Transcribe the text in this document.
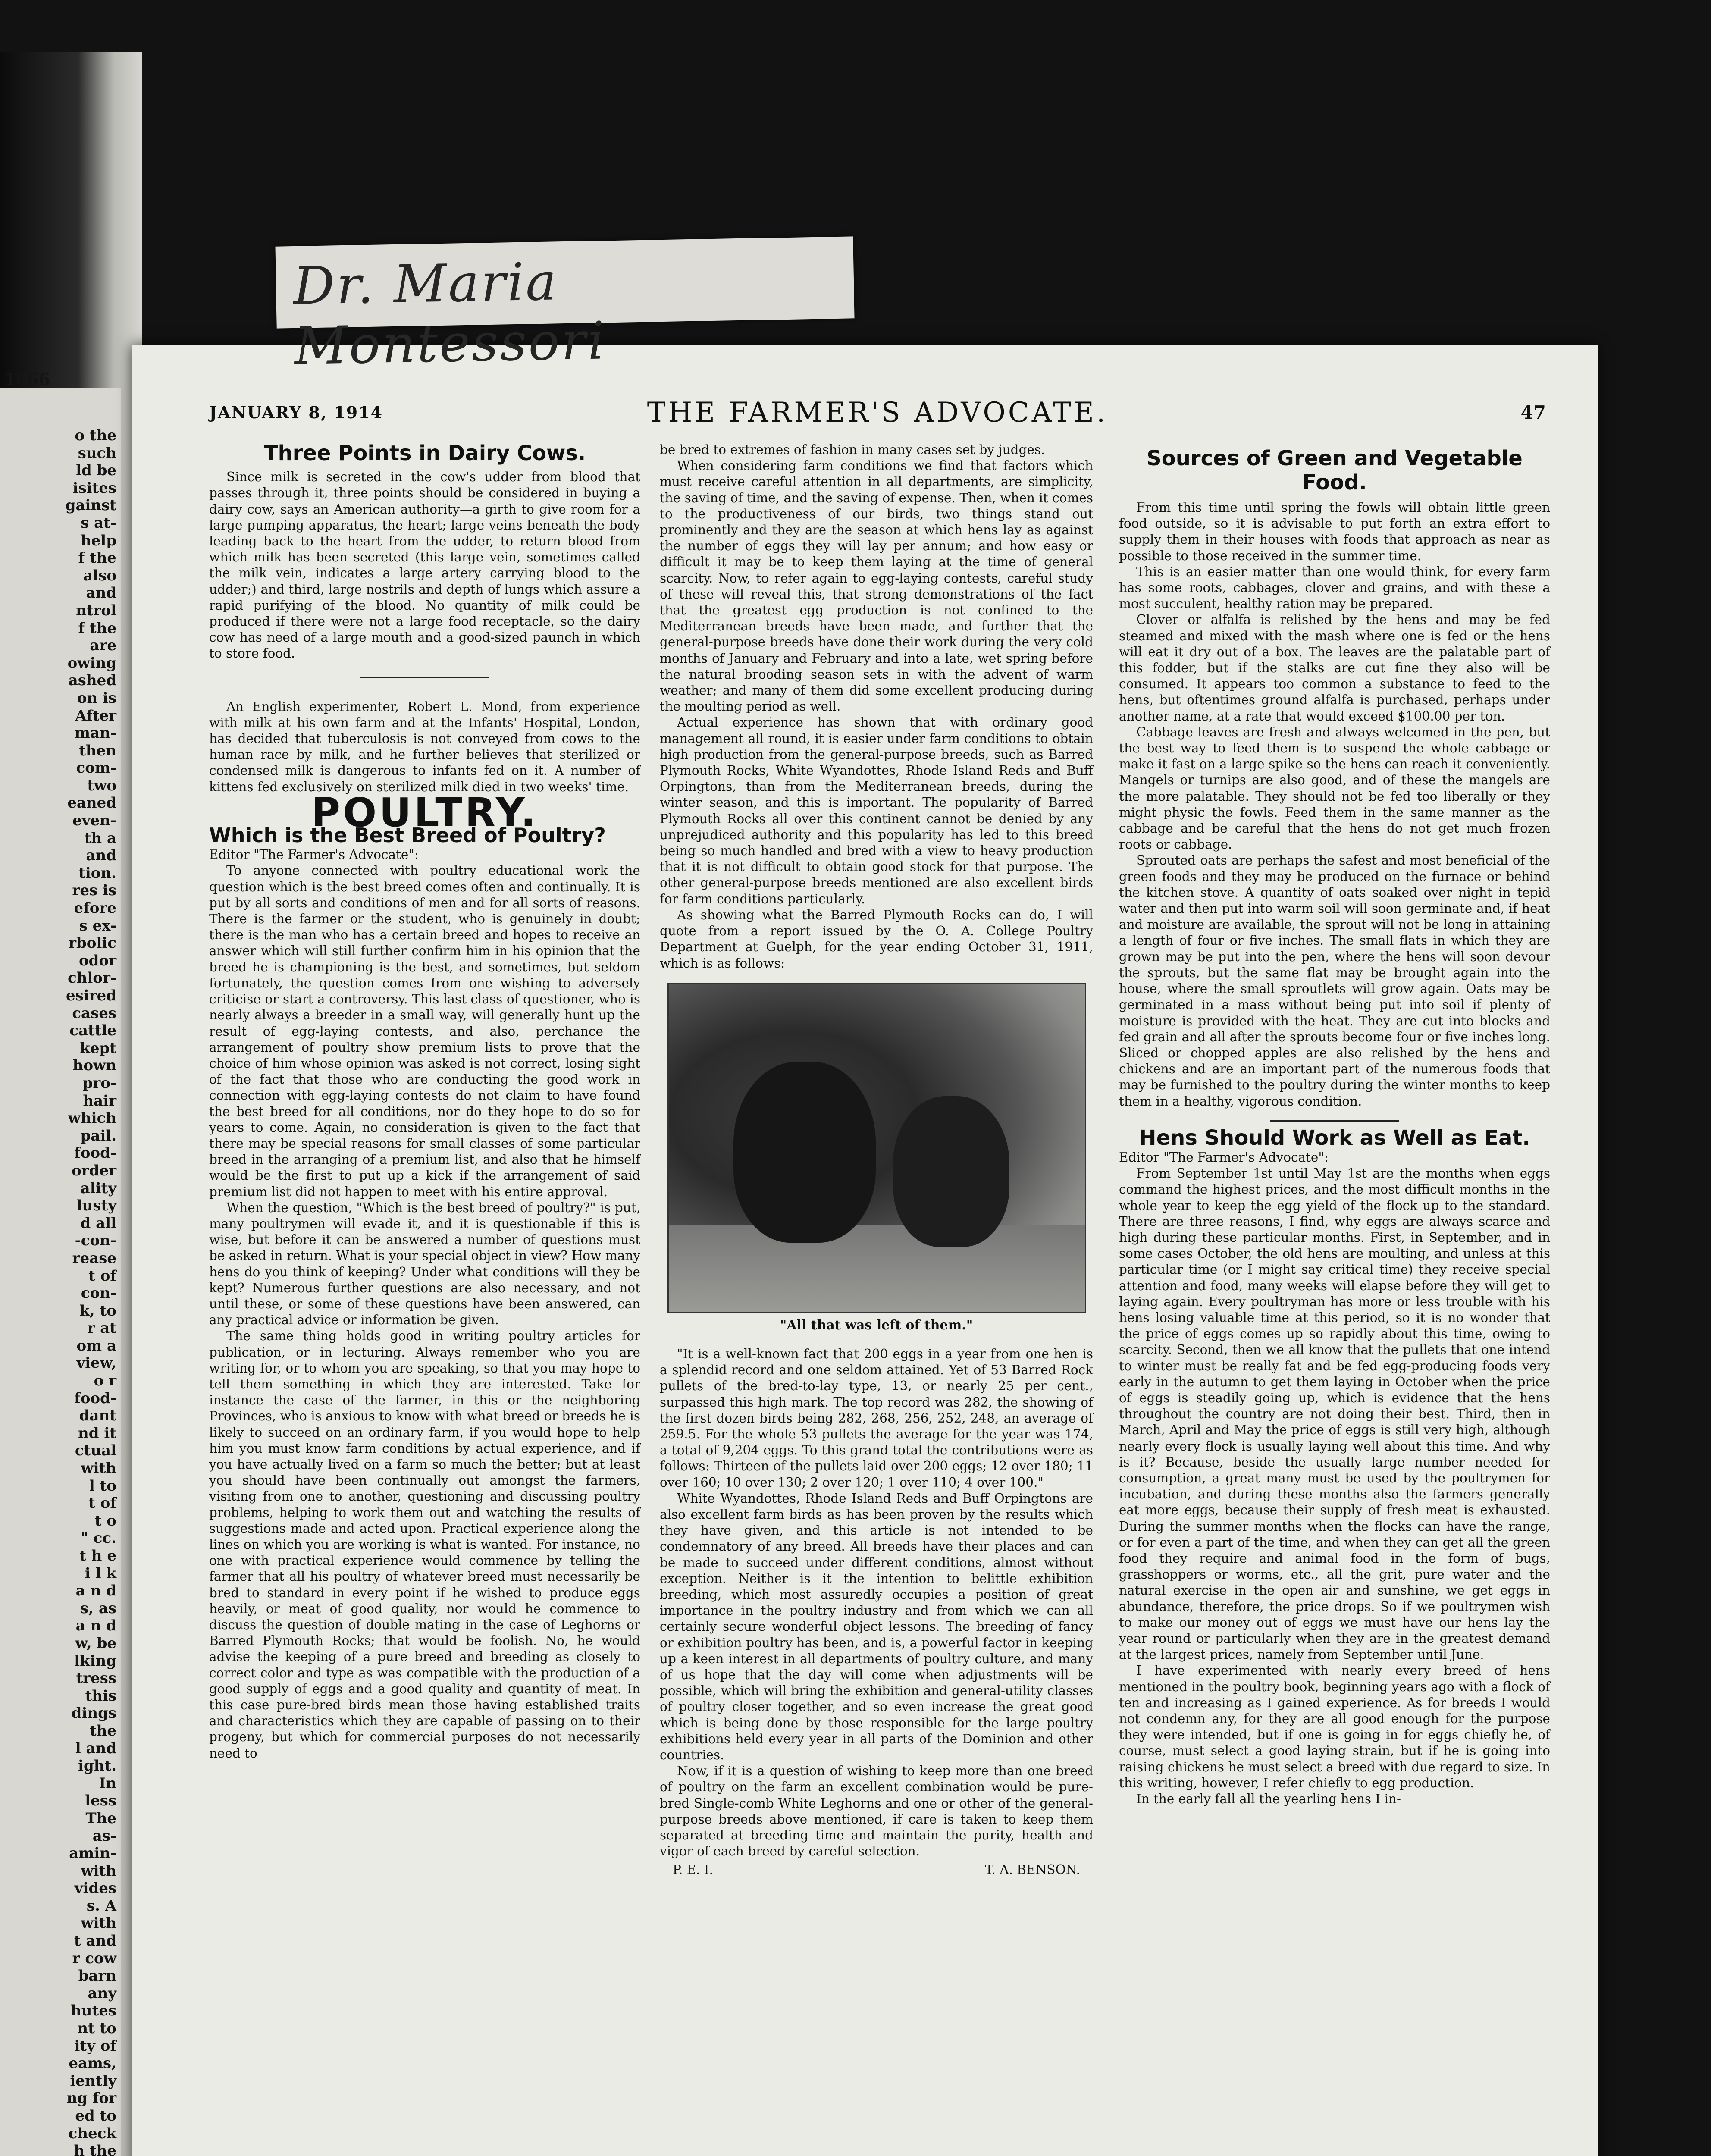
1866
o the
such
ld be
isites
gainst
s at-
help
f the
also
and
ntrol
f the
are
owing
ashed
on is
After
man-
then
com-
two
eaned
even-
th a
and
tion.
res is
efore
s ex-
rbolic
odor
chlor-
esired
cases
cattle
kept
hown
pro-
hair
which
pail.
food-
order
ality
lusty
d all
-con-
rease
t of
con-
k, to
r at
om a
view,
o r
food-
dant
nd it
ctual
with
l to
t of
t o
" cc.
t h e
i l k
a n d
s, as
a n d
w, be
lking
tress
this
dings
the
l and
ight.
In
less
The
as-
amin-
with
vides
s. A
with
t and
r cow
barn
any
hutes
nt to
ity of
eams,
iently
ng for
ed to
check
h the
JANUARY 8, 1914	THE FARMER'S ADVOCATE.	47
Three Points in Dairy Cows.

Since milk is secreted in the cow's udder from blood that passes through it, three points should be considered in buying a dairy cow, says an American authority—a girth to give room for a large pumping apparatus, the heart; large veins beneath the body leading back to the heart from the udder, to return blood from which milk has been secreted (this large vein, sometimes called the milk vein, indicates a large artery carrying blood to the udder;) and third, large nostrils and depth of lungs which assure a rapid purifying of the blood. No quantity of milk could be produced if there were not a large food receptacle, so the dairy cow has need of a large mouth and a good-sized paunch in which to store food.

An English experimenter, Robert L. Mond, from experience with milk at his own farm and at the Infants' Hospital, London, has decided that tuberculosis is not conveyed from cows to the human race by milk, and he further believes that sterilized or condensed milk is dangerous to infants fed on it. A number of kittens fed exclusively on sterilized milk died in two weeks' time.

POULTRY.
Which is the Best Breed of Poultry?

Editor "The Farmer's Advocate":

To anyone connected with poultry educational work the question which is the best breed comes often and continually. It is put by all sorts and conditions of men and for all sorts of reasons. There is the farmer or the student, who is genuinely in doubt; there is the man who has a certain breed and hopes to receive an answer which will still further confirm him in his opinion that the breed he is championing is the best, and sometimes, but seldom fortunately, the question comes from one wishing to adversely criticise or start a controversy. This last class of questioner, who is nearly always a breeder in a small way, will generally hunt up the result of egg-laying contests, and also, perchance the arrangement of poultry show premium lists to prove that the choice of him whose opinion was asked is not correct, losing sight of the fact that those who are conducting the good work in connection with egg-laying contests do not claim to have found the best breed for all conditions, nor do they hope to do so for years to come. Again, no consideration is given to the fact that there may be special reasons for small classes of some particular breed in the arranging of a premium list, and also that he himself would be the first to put up a kick if the arrangement of said premium list did not happen to meet with his entire approval.

When the question, "Which is the best breed of poultry?" is put, many poultrymen will evade it, and it is questionable if this is wise, but before it can be answered a number of questions must be asked in return. What is your special object in view? How many hens do you think of keeping? Under what conditions will they be kept? Numerous further questions are also necessary, and not until these, or some of these questions have been answered, can any practical advice or information be given.

The same thing holds good in writing poultry articles for publication, or in lecturing. Always remember who you are writing for, or to whom you are speaking, so that you may hope to tell them something in which they are interested. Take for instance the case of the farmer, in this or the neighboring Provinces, who is anxious to know with what breed or breeds he is likely to succeed on an ordinary farm, if you would hope to help him you must know farm conditions by actual experience, and if you have actually lived on a farm so much the better; but at least you should have been continually out amongst the farmers, visiting from one to another, questioning and discussing poultry problems, helping to work them out and watching the results of suggestions made and acted upon. Practical experience along the lines on which you are working is what is wanted. For instance, no one with practical experience would commence by telling the farmer that all his poultry of whatever breed must necessarily be bred to standard in every point if he wished to produce eggs heavily, or meat of good quality, nor would he commence to discuss the question of double mating in the case of Leghorns or Barred Plymouth Rocks; that would be foolish. No, he would advise the keeping of a pure breed and breeding as closely to correct color and type as was compatible with the production of a good supply of eggs and a good quality and quantity of meat. In this case pure-bred birds mean those having established traits and characteristics which they are capable of passing on to their progeny, but which for commercial purposes do not necessarily need to

be bred to extremes of fashion in many cases set by judges.

When considering farm conditions we find that factors which must receive careful attention in all departments, are simplicity, the saving of time, and the saving of expense. Then, when it comes to the productiveness of our birds, two things stand out prominently and they are the season at which hens lay as against the number of eggs they will lay per annum; and how easy or difficult it may be to keep them laying at the time of general scarcity. Now, to refer again to egg-laying contests, careful study of these will reveal this, that strong demonstrations of the fact that the greatest egg production is not confined to the Mediterranean breeds have been made, and further that the general-purpose breeds have done their work during the very cold months of January and February and into a late, wet spring before the natural brooding season sets in with the advent of warm weather; and many of them did some excellent producing during the moulting period as well.

Actual experience has shown that with ordinary good management all round, it is easier under farm conditions to obtain high production from the general-purpose breeds, such as Barred Plymouth Rocks, White Wyandottes, Rhode Island Reds and Buff Orpingtons, than from the Mediterranean breeds, during the winter season, and this is important. The popularity of Barred Plymouth Rocks all over this continent cannot be denied by any unprejudiced authority and this popularity has led to this breed being so much handled and bred with a view to heavy production that it is not difficult to obtain good stock for that purpose. The other general-purpose breeds mentioned are also excellent birds for farm conditions particularly.

As showing what the Barred Plymouth Rocks can do, I will quote from a report issued by the O. A. College Poultry Department at Guelph, for the year ending October 31, 1911, which is as follows:

"All that was left of them."

"It is a well-known fact that 200 eggs in a year from one hen is a splendid record and one seldom attained. Yet of 53 Barred Rock pullets of the bred-to-lay type, 13, or nearly 25 per cent., surpassed this high mark. The top record was 282, the showing of the first dozen birds being 282, 268, 256, 252, 248, an average of 259.5. For the whole 53 pullets the average for the year was 174, a total of 9,204 eggs. To this grand total the contributions were as follows: Thirteen of the pullets laid over 200 eggs; 12 over 180; 11 over 160; 10 over 130; 2 over 120; 1 over 110; 4 over 100."

White Wyandottes, Rhode Island Reds and Buff Orpingtons are also excellent farm birds as has been proven by the results which they have given, and this article is not intended to be condemnatory of any breed. All breeds have their places and can be made to succeed under different conditions, almost without exception. Neither is it the intention to belittle exhibition breeding, which most assuredly occupies a position of great importance in the poultry industry and from which we can all certainly secure wonderful object lessons. The breeding of fancy or exhibition poultry has been, and is, a powerful factor in keeping up a keen interest in all departments of poultry culture, and many of us hope that the day will come when adjustments will be possible, which will bring the exhibition and general-utility classes of poultry closer together, and so even increase the great good which is being done by those responsible for the large poultry exhibitions held every year in all parts of the Dominion and other countries.

Now, if it is a question of wishing to keep more than one breed of poultry on the farm an excellent combination would be pure-bred Single-comb White Leghorns and one or other of the general-purpose breeds above mentioned, if care is taken to keep them separated at breeding time and maintain the purity, health and vigor of each breed by careful selection.

P. E. I.	T. A. BENSON.
Sources of Green and Vegetable Food.

From this time until spring the fowls will obtain little green food outside, so it is advisable to put forth an extra effort to supply them in their houses with foods that approach as near as possible to those received in the summer time.

This is an easier matter than one would think, for every farm has some roots, cabbages, clover and grains, and with these a most succulent, healthy ration may be prepared.

Clover or alfalfa is relished by the hens and may be fed steamed and mixed with the mash where one is fed or the hens will eat it dry out of a box. The leaves are the palatable part of this fodder, but if the stalks are cut fine they also will be consumed. It appears too common a substance to feed to the hens, but oftentimes ground alfalfa is purchased, perhaps under another name, at a rate that would exceed $100.00 per ton.

Cabbage leaves are fresh and always welcomed in the pen, but the best way to feed them is to suspend the whole cabbage or make it fast on a large spike so the hens can reach it conveniently. Mangels or turnips are also good, and of these the mangels are the more palatable. They should not be fed too liberally or they might physic the fowls. Feed them in the same manner as the cabbage and be careful that the hens do not get much frozen roots or cabbage.

Sprouted oats are perhaps the safest and most beneficial of the green foods and they may be produced on the furnace or behind the kitchen stove. A quantity of oats soaked over night in tepid water and then put into warm soil will soon germinate and, if heat and moisture are available, the sprout will not be long in attaining a length of four or five inches. The small flats in which they are grown may be put into the pen, where the hens will soon devour the sprouts, but the same flat may be brought again into the house, where the small sproutlets will grow again. Oats may be germinated in a mass without being put into soil if plenty of moisture is provided with the heat. They are cut into blocks and fed grain and all after the sprouts become four or five inches long. Sliced or chopped apples are also relished by the hens and chickens and are an important part of the numerous foods that may be furnished to the poultry during the winter months to keep them in a healthy, vigorous condition.

Hens Should Work as Well as Eat.

Editor "The Farmer's Advocate":

From September 1st until May 1st are the months when eggs command the highest prices, and the most difficult months in the whole year to keep the egg yield of the flock up to the standard. There are three reasons, I find, why eggs are always scarce and high during these particular months. First, in September, and in some cases October, the old hens are moulting, and unless at this particular time (or I might say critical time) they receive special attention and food, many weeks will elapse before they will get to laying again. Every poultryman has more or less trouble with his hens losing valuable time at this period, so it is no wonder that the price of eggs comes up so rapidly about this time, owing to scarcity. Second, then we all know that the pullets that one intend to winter must be really fat and be fed egg-producing foods very early in the autumn to get them laying in October when the price of eggs is steadily going up, which is evidence that the hens throughout the country are not doing their best. Third, then in March, April and May the price of eggs is still very high, although nearly every flock is usually laying well about this time. And why is it? Because, beside the usually large number needed for consumption, a great many must be used by the poultrymen for incubation, and during these months also the farmers generally eat more eggs, because their supply of fresh meat is exhausted. During the summer months when the flocks can have the range, or for even a part of the time, and when they can get all the green food they require and animal food in the form of bugs, grasshoppers or worms, etc., all the grit, pure water and the natural exercise in the open air and sunshine, we get eggs in abundance, therefore, the price drops. So if we poultrymen wish to make our money out of eggs we must have our hens lay the year round or particularly when they are in the greatest demand at the largest prices, namely from September until June.

I have experimented with nearly every breed of hens mentioned in the poultry book, beginning years ago with a flock of ten and increasing as I gained experience. As for breeds I would not condemn any, for they are all good enough for the purpose they were intended, but if one is going in for eggs chiefly he, of course, must select a good laying strain, but if he is going into raising chickens he must select a breed with due regard to size. In this writing, however, I refer chiefly to egg production.

In the early fall all the yearling hens I in-

Dr. Maria Montessori
